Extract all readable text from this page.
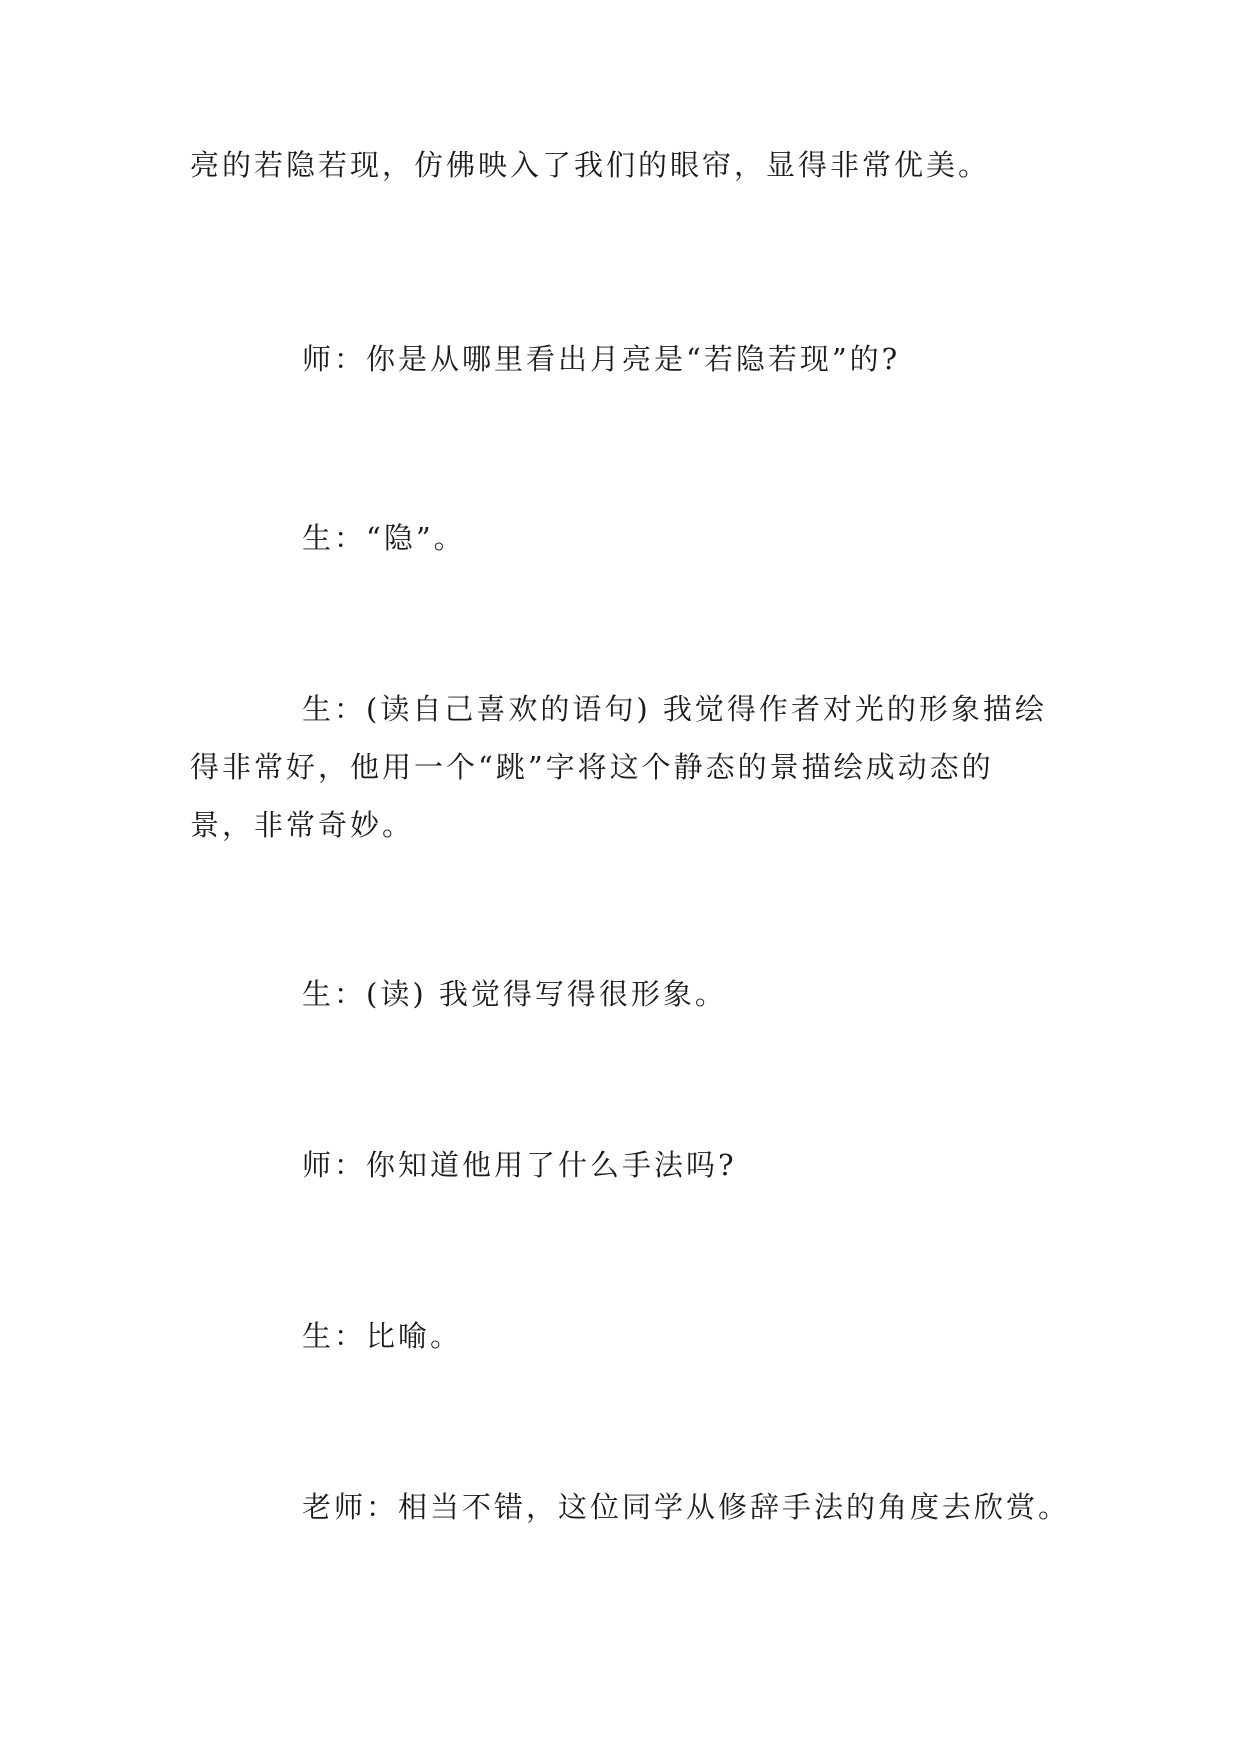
亮的若隐若现，仿佛映入了我们的眼帘，显得非常优美。

师：你是从哪里看出月亮是“若隐若现”的?

生：“隐”。

生：(读自己喜欢的语句) 我觉得作者对光的形象描绘
得非常好，他用一个“跳”字将这个静态的景描绘成动态的
景，非常奇妙。

生：(读) 我觉得写得很形象。

师：你知道他用了什么手法吗?

生：比喻。

老师：相当不错，这位同学从修辞手法的角度去欣赏。
